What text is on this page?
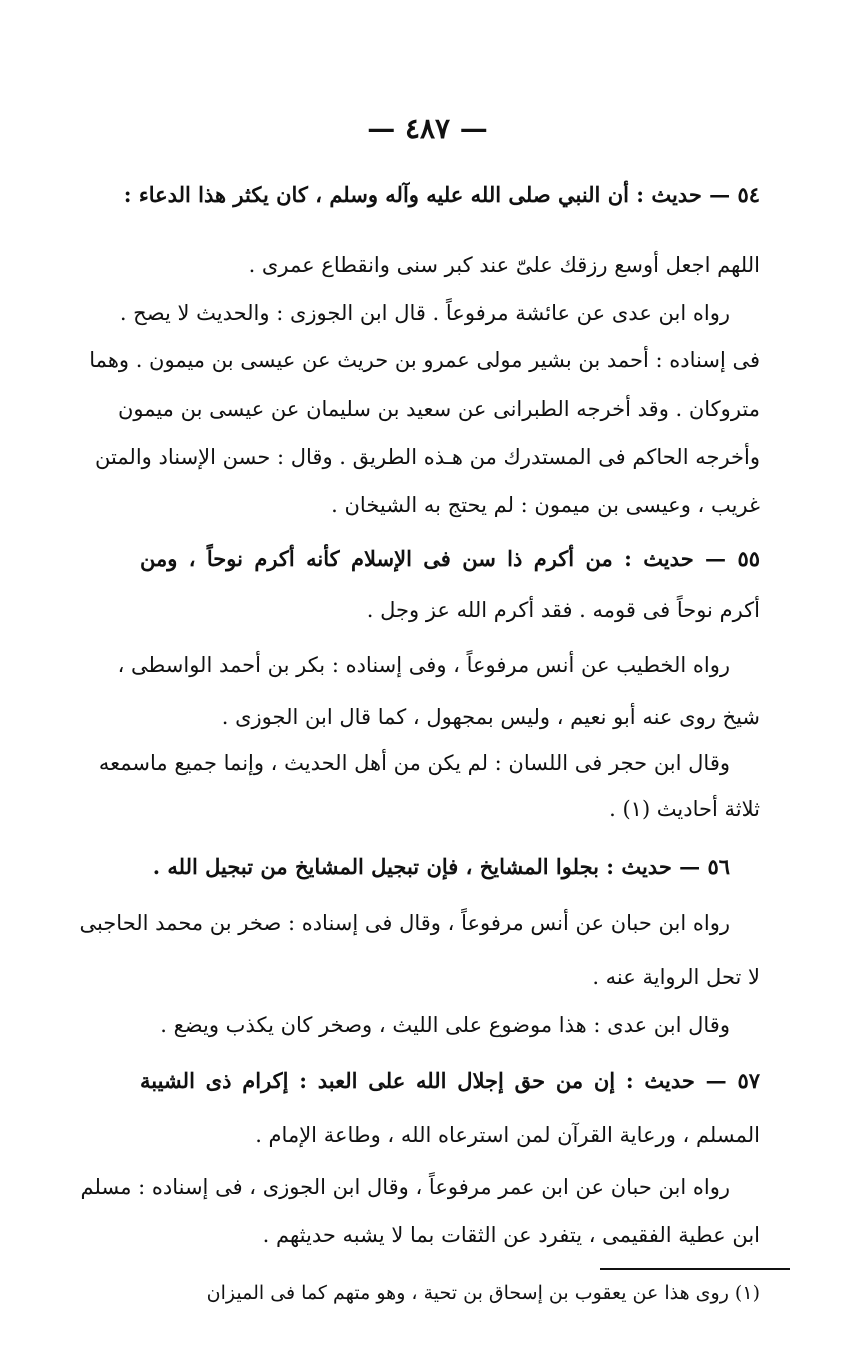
— ٤٨٧ —
٥٤ — حديث : أن النبي صلى الله عليه وآله وسلم ، كان يكثر هذا الدعاء :
اللهم اجعل أوسع رزقك علىّ عند كبر سنى وانقطاع عمرى .
رواه ابن عدى عن عائشة مرفوعاً . قال ابن الجوزى : والحديث لا يصح .
فى إسناده : أحمد بن بشير مولى عمرو بن حريث عن عيسى بن ميمون . وهما
متروكان . وقد أخرجه الطبرانى عن سعيد بن سليمان عن عيسى بن ميمون
وأخرجه الحاكم فى المستدرك من هـذه الطريق . وقال : حسن الإسناد والمتن
غريب ، وعيسى بن ميمون : لم يحتج به الشيخان .
٥٥ — حديث : من أكرم ذا سن فى الإسلام كأنه أكرم نوحاً ، ومن
أكرم نوحاً فى قومه . فقد أكرم الله عز وجل .
رواه الخطيب عن أنس مرفوعاً ، وفى إسناده : بكر بن أحمد الواسطى ،
شيخ روى عنه أبو نعيم ، وليس بمجهول ، كما قال ابن الجوزى .
وقال ابن حجر فى اللسان : لم يكن من أهل الحديث ، وإنما جميع ماسمعه
ثلاثة أحاديث (١) .
٥٦ — حديث : بجلوا المشايخ ، فإن تبجيل المشايخ من تبجيل الله .
رواه ابن حبان عن أنس مرفوعاً ، وقال فى إسناده : صخر بن محمد الحاجبى
لا تحل الرواية عنه .
وقال ابن عدى : هذا موضوع على الليث ، وصخر كان يكذب ويضع .
٥٧ — حديث : إن من حق إجلال الله على العبد : إكرام ذى الشيبة
المسلم ، ورعاية القرآن لمن استرعاه الله ، وطاعة الإمام .
رواه ابن حبان عن ابن عمر مرفوعاً ، وقال ابن الجوزى ، فى إسناده : مسلم
ابن عطية الفقيمى ، يتفرد عن الثقات بما لا يشبه حديثهم .
(١) روى هذا عن يعقوب بن إسحاق بن تحية ، وهو متهم كما فى الميزان
